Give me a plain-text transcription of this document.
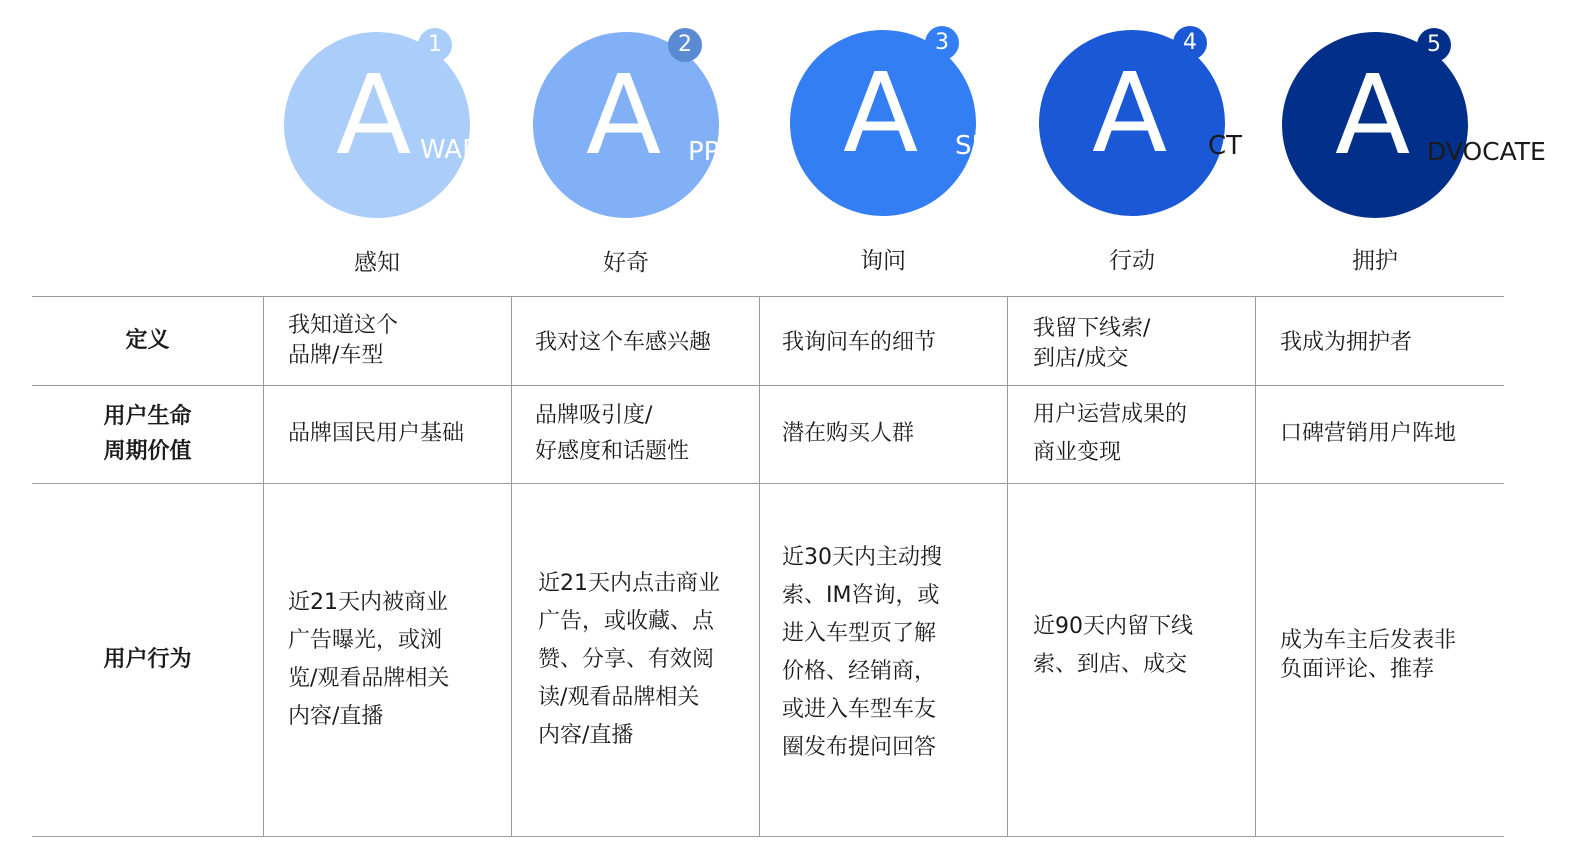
A WARE
1
感知
A PPEAL
2
好奇
A SK
3
询问
A CT
4
行动
A DVOCATE
5
拥护
定义
我知道这个
品牌/车型
我对这个车感兴趣	我询问车的细节
我留下线索/
到店/成交
我成为拥护者
用户生命
周期价值
品牌国民用户基础
品牌吸引度/
好感度和话题性
潜在购买人群
用户运营成果的
商业变现
口碑营销用户阵地
用户行为
近21天内被商业
广告曝光，或浏
览/观看品牌相关
内容/直播
近21天内点击商业
广告，或收藏、点
赞、分享、有效阅
读/观看品牌相关
内容/直播
近30天内主动搜
索、IM咨询，或
进入车型页了解
价格、经销商，
或进入车型车友
圈发布提问回答
近90天内留下线
索、到店、成交
成为车主后发表非
负面评论、推荐
